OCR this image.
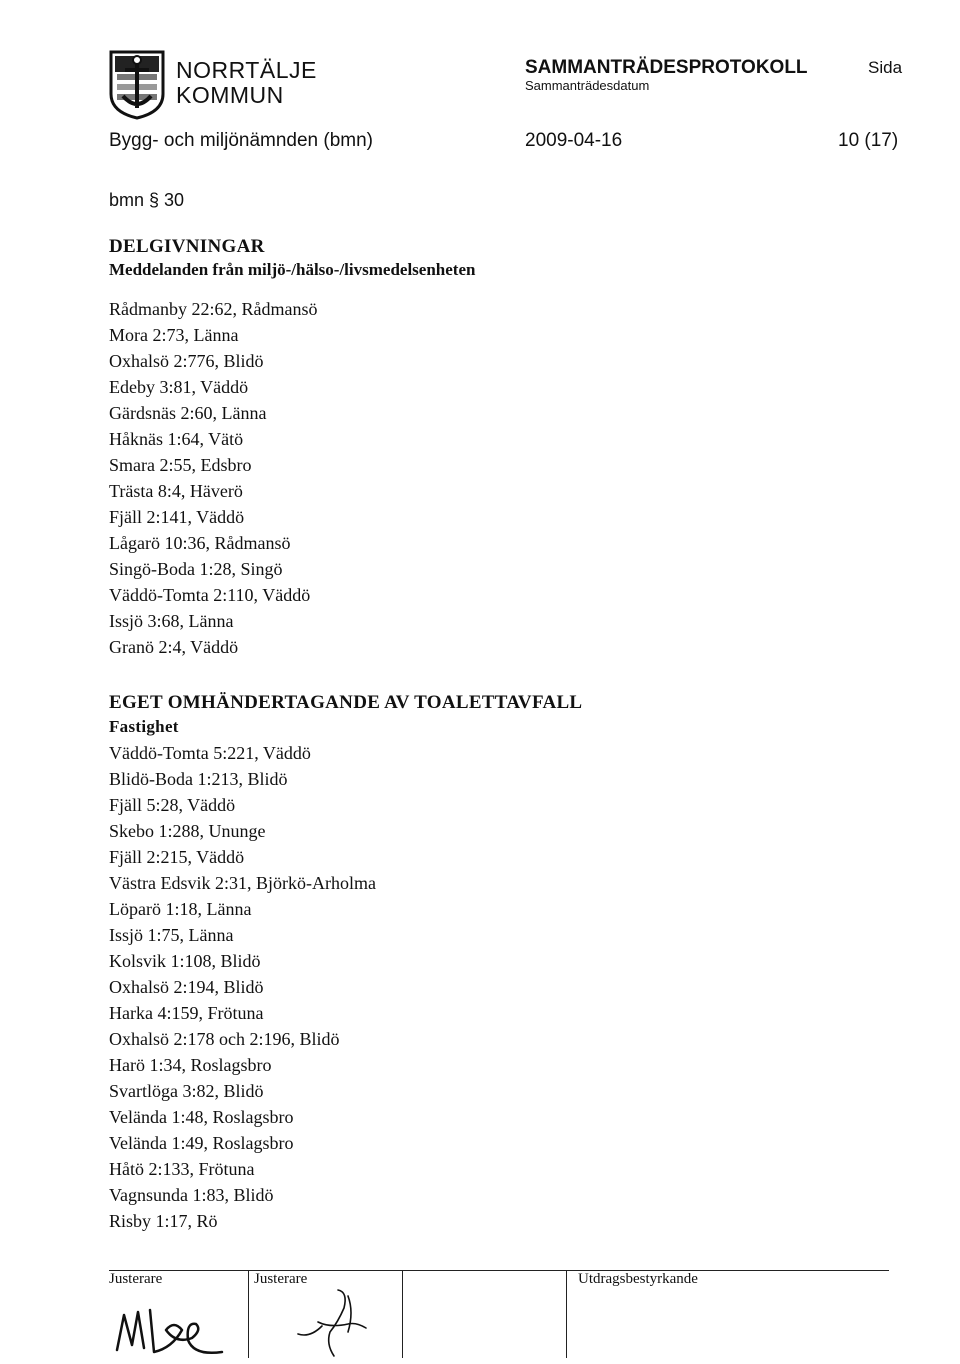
NORRTÄLJE
KOMMUN
SAMMANTRÄDESPROTOKOLL
Sammanträdesdatum
Sida
Bygg- och miljönämnden (bmn)	2009-04-16	10 (17)
bmn § 30
DELGIVNINGAR
Meddelanden från miljö-/hälso-/livsmedelsenheten
Rådmanby 22:62, Rådmansö
Mora 2:73, Länna
Oxhalsö 2:776, Blidö
Edeby 3:81, Väddö
Gärdsnäs 2:60, Länna
Håknäs 1:64, Vätö
Smara 2:55, Edsbro
Trästa 8:4, Häverö
Fjäll 2:141, Väddö
Lågarö 10:36, Rådmansö
Singö-Boda 1:28, Singö
Väddö-Tomta 2:110, Väddö
Issjö 3:68, Länna
Granö 2:4, Väddö
EGET OMHÄNDERTAGANDE AV TOALETTAVFALL
Fastighet
Väddö-Tomta 5:221, Väddö
Blidö-Boda 1:213, Blidö
Fjäll 5:28, Väddö
Skebo 1:288, Ununge
Fjäll 2:215, Väddö
Västra Edsvik 2:31, Björkö-Arholma
Löparö 1:18, Länna
Issjö 1:75, Länna
Kolsvik 1:108, Blidö
Oxhalsö 2:194, Blidö
Harka 4:159, Frötuna
Oxhalsö 2:178 och 2:196, Blidö
Harö 1:34, Roslagsbro
Svartlöga 3:82, Blidö
Velända 1:48, Roslagsbro
Velända 1:49, Roslagsbro
Håtö 2:133, Frötuna
Vagnsunda 1:83, Blidö
Risby 1:17, Rö
Justerare	Justerare	Utdragsbestyrkande
